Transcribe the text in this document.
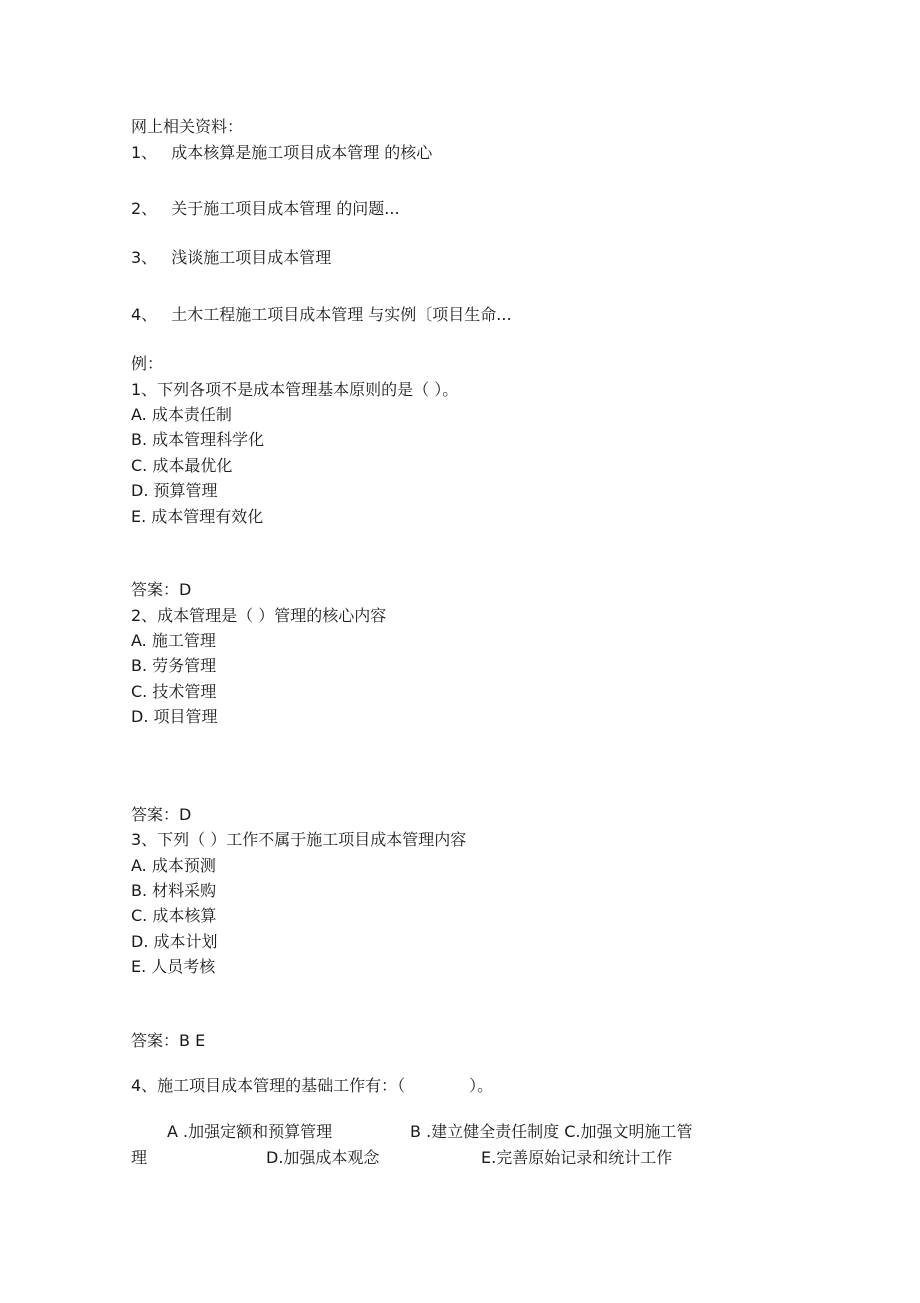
网上相关资料：
1、 成本核算是施工项目成本管理 的核心
2、 关于施工项目成本管理 的问题...
3、 浅谈施工项目成本管理
4、 土木工程施工项目成本管理 与实例〔项目生命...
例：
1、下列各项不是成本管理基本原则的是（ ）。
A. 成本责任制
B. 成本管理科学化
C. 成本最优化
D. 预算管理
E. 成本管理有效化
答案：D
2、成本管理是（ ）管理的核心内容
A. 施工管理
B. 劳务管理
C. 技术管理
D. 项目管理
答案：D
3、下列（ ）工作不属于施工项目成本管理内容
A. 成本预测
B. 材料采购
C. 成本核算
D. 成本计划
E. 人员考核
答案：B E
4、施工项目成本管理的基础工作有：（　　　　）。
A .加强定额和预算管理	B .建立健全责任制度 C.加强文明施工管
理	D.加强成本观念	E.完善原始记录和统计工作
